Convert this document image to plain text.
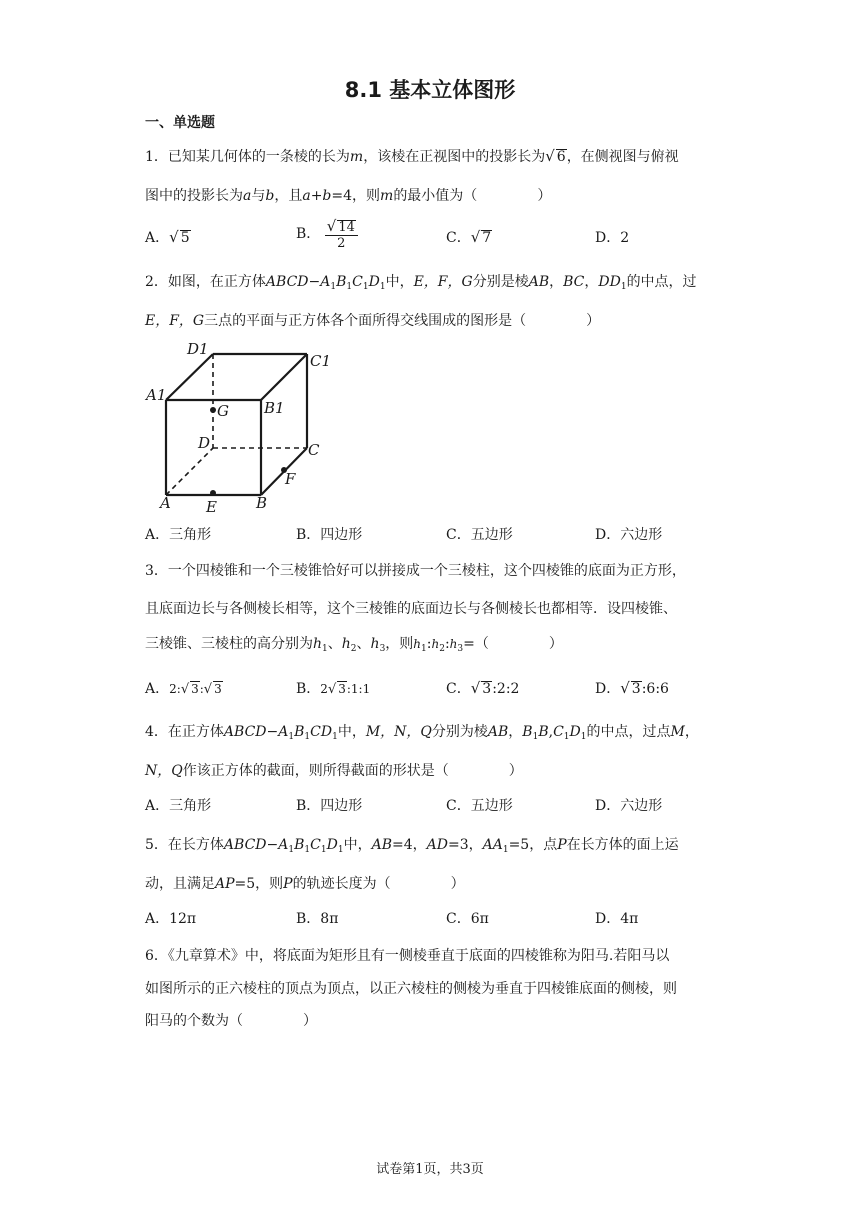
8.1 基本立体图形
一、单选题
1．已知某几何体的一条棱的长为m，该棱在正视图中的投影长为√ 6，在侧视图与俯视
图中的投影长为a与b，且a+b=4，则m的最小值为（	）
A．√ 5	B． $\frac{√ 14}{2}$	C．√ 7	D．2
2．如图，在正方体$ABCD-A_1B_1C_1D_1$中，E，F，G分别是棱AB，BC，$DD_1$的中点，过
E，F，G三点的平面与正方体各个面所得交线围成的图形是（	）
D1
C1
A1
G B1
D	C
F
A E	B
A．三角形	B．四边形	C．五边形	D．六边形
3．一个四棱锥和一个三棱锥恰好可以拼接成一个三棱柱，这个四棱锥的底面为正方形，
且底面边长与各侧棱长相等，这个三棱锥的底面边长与各侧棱长也都相等．设四棱锥、
三棱锥、三棱柱的高分别为$h_1$、$h_2$、$h_3$，则$h_1:h_2:h_3=$（	）
A．2:√ 3:√ 3	B．2√ 3:1:1	C．√ 3:2:2	D．√ 3:6:6
4．在正方体$ABCD-A_1B_1CD_1$中，M，N，Q分别为棱AB，$B_1B,C_1D_1$的中点，过点M，
N，Q作该正方体的截面，则所得截面的形状是（	）
A．三角形	B．四边形	C．五边形	D．六边形
5．在长方体$ABCD-A_1B_1C_1D_1$中，AB=4，AD=3，$AA_1=5$，点P在长方体的面上运
动，且满足AP=5，则P的轨迹长度为（	）
A．12π	B．8π	C．6π	D．4π
6．《九章算术》中，将底面为矩形且有一侧棱垂直于底面的四棱锥称为阳马.若阳马以
如图所示的正六棱柱的顶点为顶点，以正六棱柱的侧棱为垂直于四棱锥底面的侧棱，则
阳马的个数为（	）
试卷第1页，共3页
